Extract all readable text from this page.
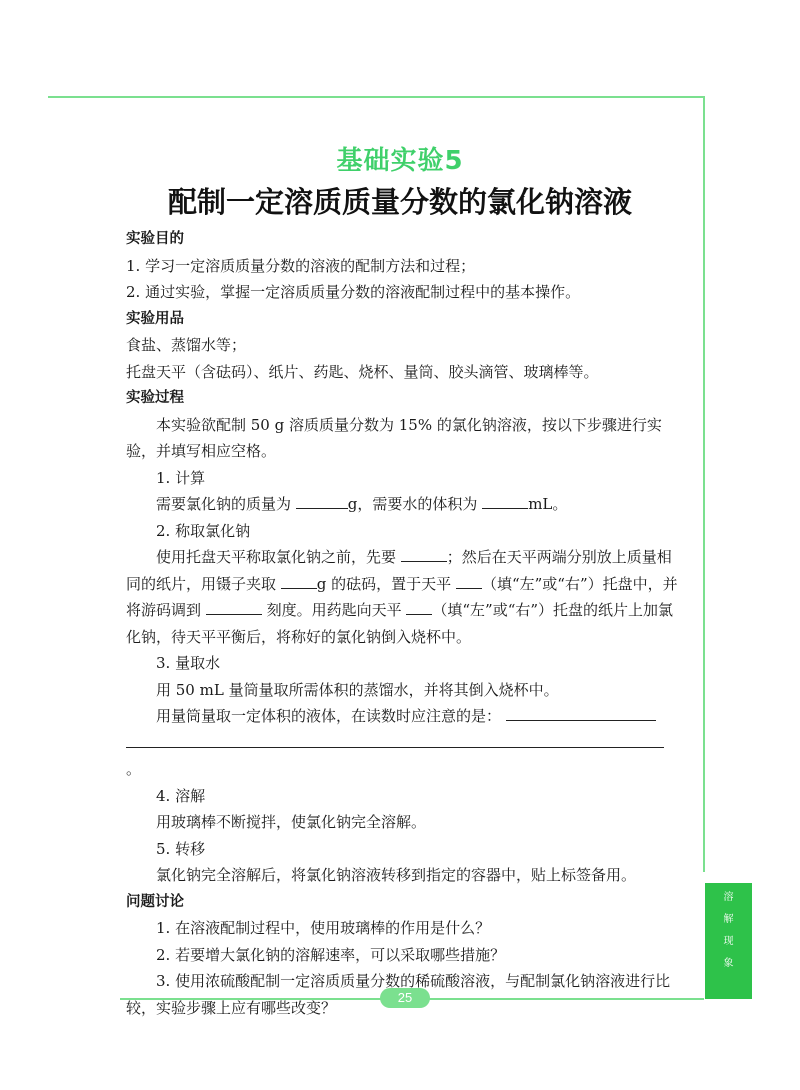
溶
解
现
象
25
基础实验5
配制一定溶质质量分数的氯化钠溶液

实验目的

1. 学习一定溶质质量分数的溶液的配制方法和过程；

2. 通过实验，掌握一定溶质质量分数的溶液配制过程中的基本操作。

实验用品

食盐、蒸馏水等；

托盘天平（含砝码）、纸片、药匙、烧杯、量筒、胶头滴管、玻璃棒等。

实验过程

本实验欲配制 50 g 溶质质量分数为 15% 的氯化钠溶液，按以下步骤进行实验，并填写相应空格。

1. 计算

需要氯化钠的质量为	g，需要水的体积为	mL。

2. 称取氯化钠

使用托盘天平称取氯化钠之前，先要	；然后在天平两端分别放上质量相同的纸片，用镊子夹取	g 的砝码，置于天平 （填“左”或“右”）托盘中，并将游码调到	刻度。用药匙向天平 （填“左”或“右”）托盘的纸片上加氯化钠，待天平平衡后，将称好的氯化钠倒入烧杯中。

3. 量取水

用 50 mL 量筒量取所需体积的蒸馏水，并将其倒入烧杯中。

用量筒量取一定体积的液体，在读数时应注意的是：

。

4. 溶解

用玻璃棒不断搅拌，使氯化钠完全溶解。

5. 转移

氯化钠完全溶解后，将氯化钠溶液转移到指定的容器中，贴上标签备用。

问题讨论

1. 在溶液配制过程中，使用玻璃棒的作用是什么？

2. 若要增大氯化钠的溶解速率，可以采取哪些措施？

3. 使用浓硫酸配制一定溶质质量分数的稀硫酸溶液，与配制氯化钠溶液进行比较，实验步骤上应有哪些改变？
